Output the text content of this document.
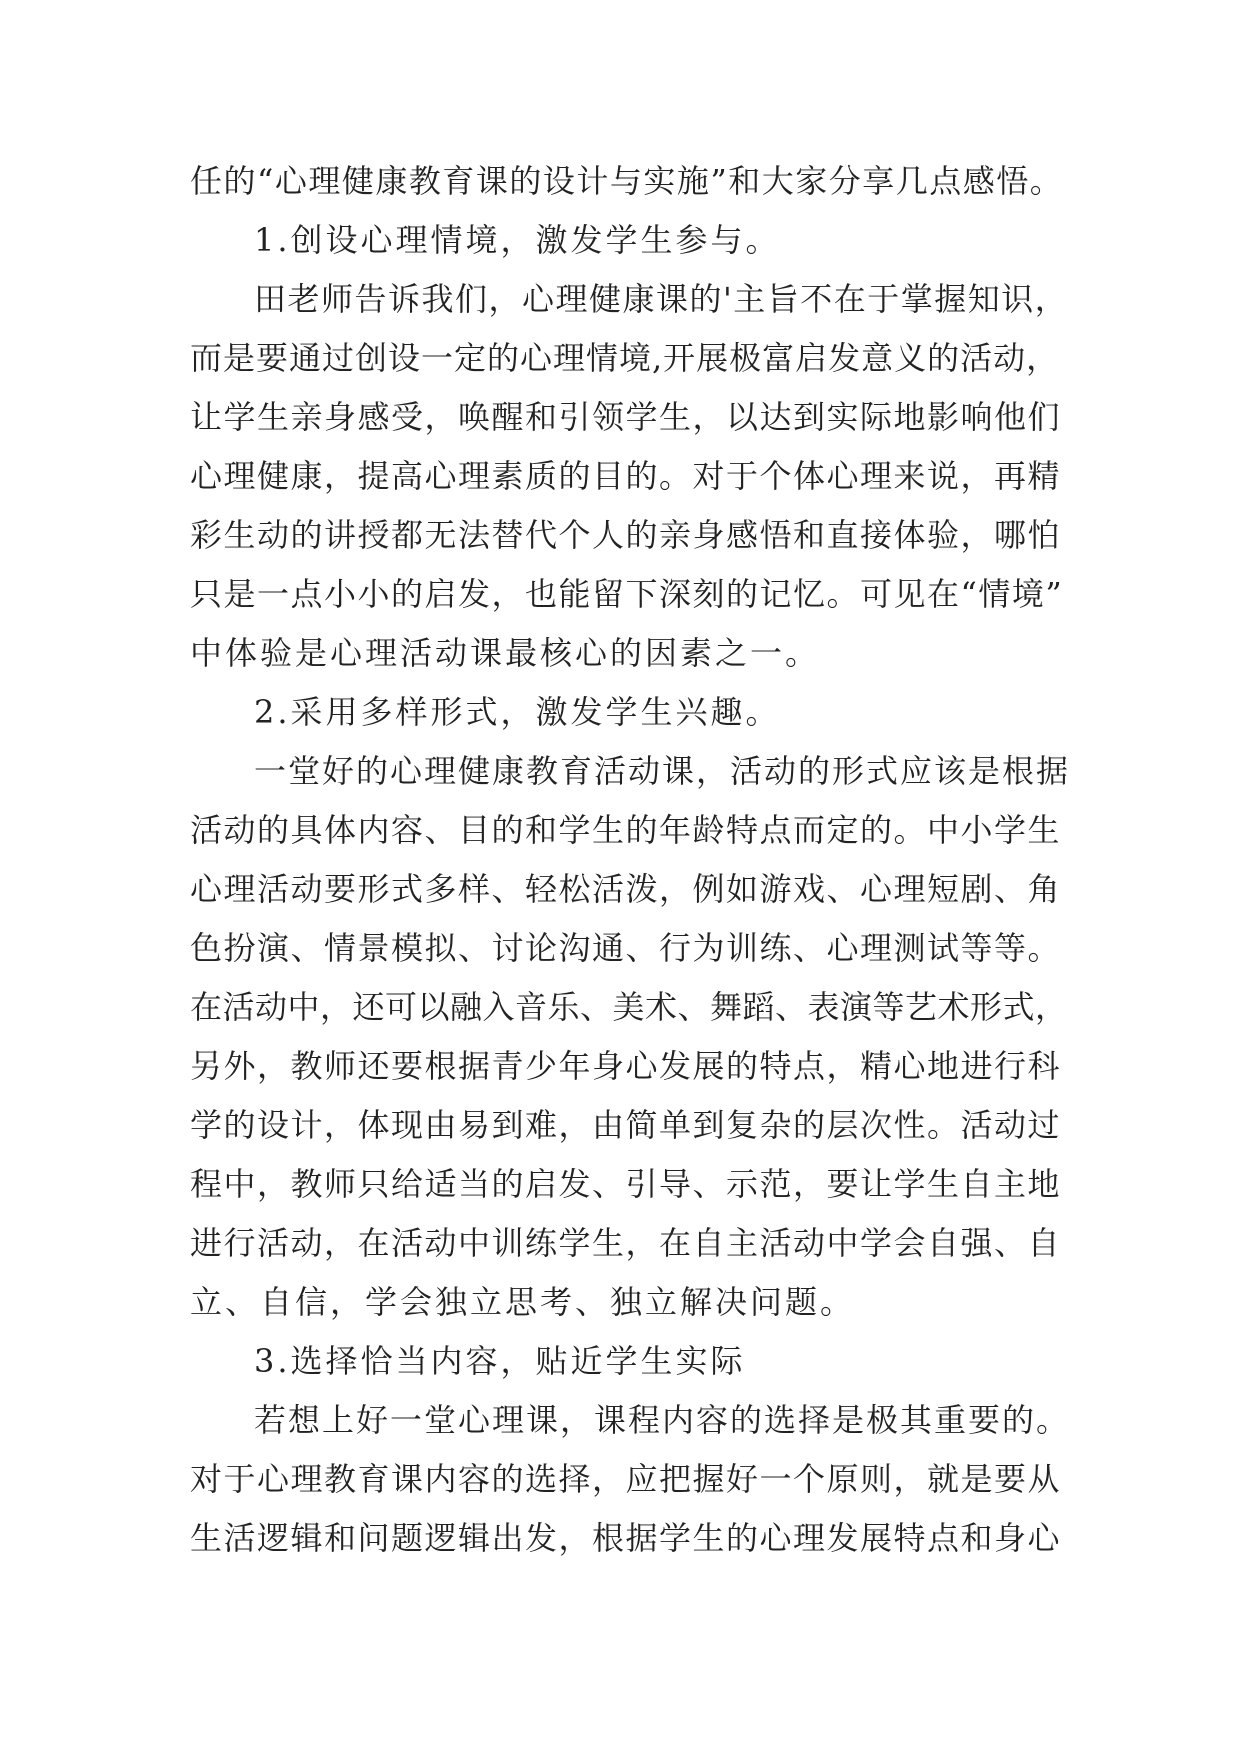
任的“心理健康教育课的设计与实施”和大家分享几点感悟。
1.创设心理情境，激发学生参与。
田老师告诉我们，心理健康课的'主旨不在于掌握知识，
而是要通过创设一定的心理情境,开展极富启发意义的活动，
让学生亲身感受，唤醒和引领学生，以达到实际地影响他们
心理健康，提高心理素质的目的。对于个体心理来说，再精
彩生动的讲授都无法替代个人的亲身感悟和直接体验，哪怕
只是一点小小的启发，也能留下深刻的记忆。可见在“情境”
中体验是心理活动课最核心的因素之一。
2.采用多样形式，激发学生兴趣。
一堂好的心理健康教育活动课，活动的形式应该是根据
活动的具体内容、目的和学生的年龄特点而定的。中小学生
心理活动要形式多样、轻松活泼，例如游戏、心理短剧、角
色扮演、情景模拟、讨论沟通、行为训练、心理测试等等。
在活动中，还可以融入音乐、美术、舞蹈、表演等艺术形式，
另外，教师还要根据青少年身心发展的特点，精心地进行科
学的设计，体现由易到难，由简单到复杂的层次性。活动过
程中，教师只给适当的启发、引导、示范，要让学生自主地
进行活动，在活动中训练学生，在自主活动中学会自强、自
立、自信，学会独立思考、独立解决问题。
3.选择恰当内容，贴近学生实际
若想上好一堂心理课，课程内容的选择是极其重要的。
对于心理教育课内容的选择，应把握好一个原则，就是要从
生活逻辑和问题逻辑出发，根据学生的心理发展特点和身心
